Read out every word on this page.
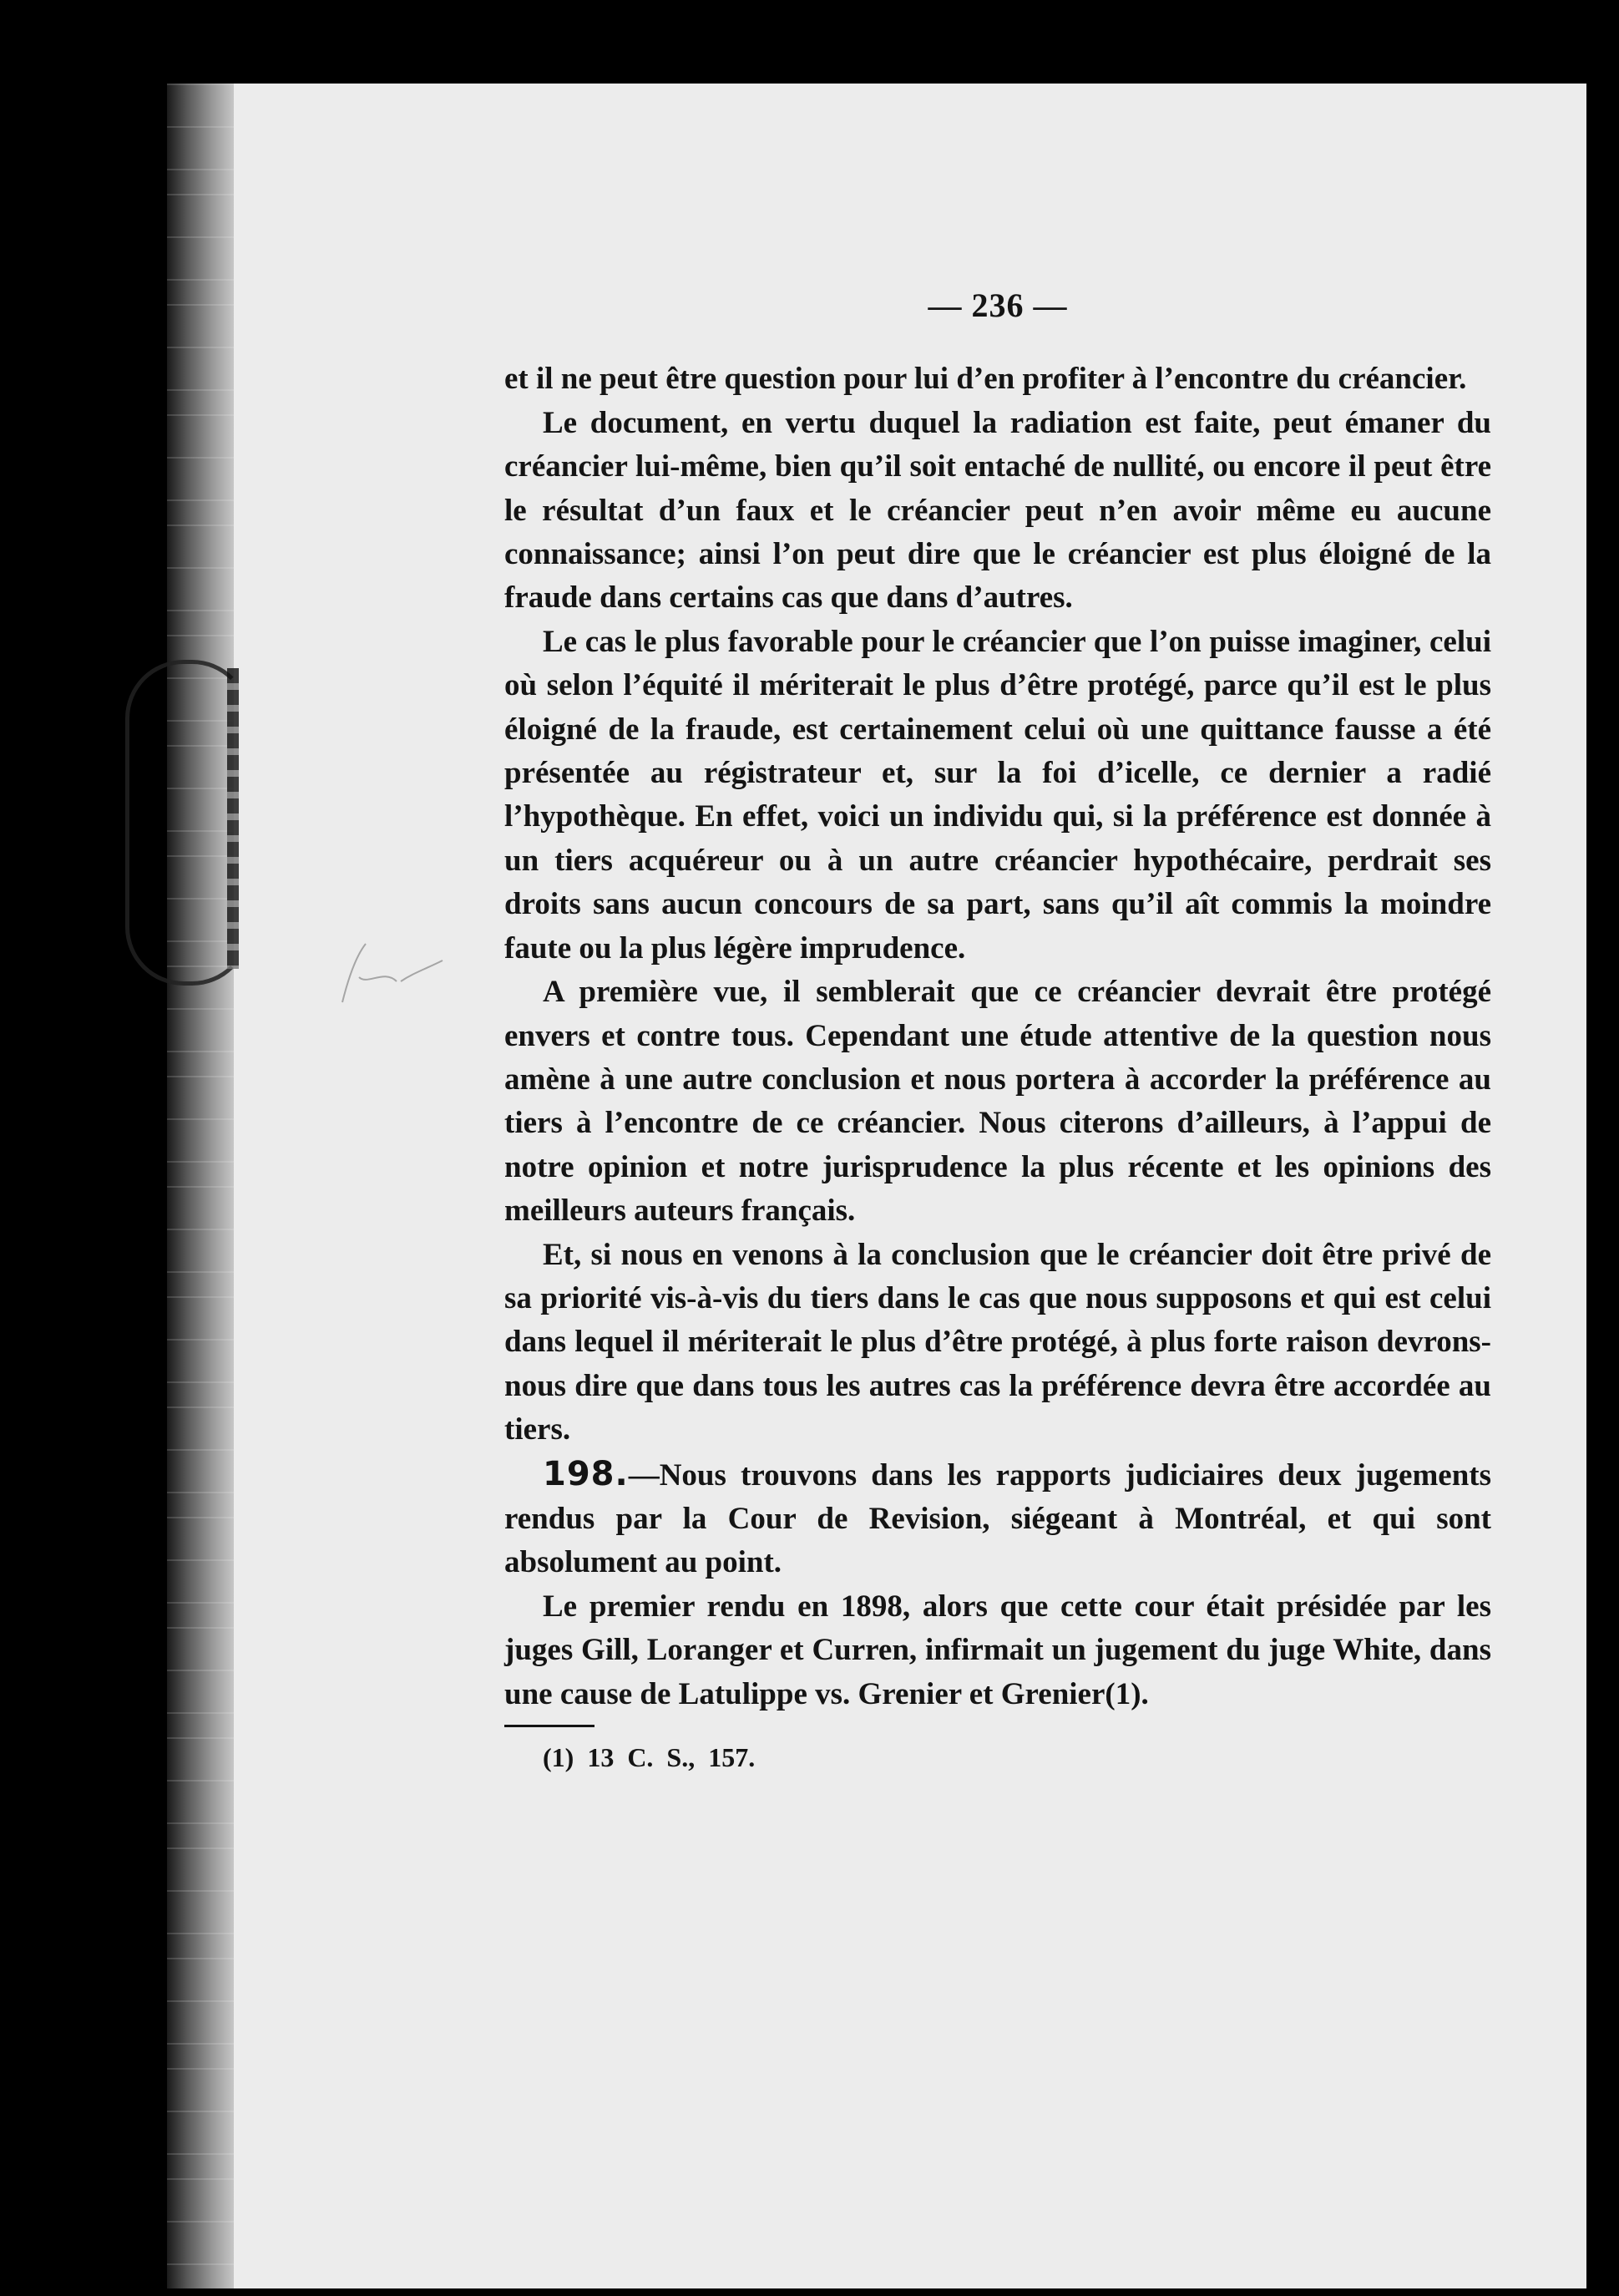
— 236 —

et il ne peut être question pour lui d’en profiter à l’encontre du créancier.

Le document, en vertu duquel la radiation est faite, peut émaner du créancier lui-même, bien qu’il soit entaché de nullité, ou encore il peut être le résultat d’un faux et le créancier peut n’en avoir même eu aucune connaissance; ainsi l’on peut dire que le créancier est plus éloigné de la fraude dans certains cas que dans d’autres.

Le cas le plus favorable pour le créancier que l’on puisse imaginer, celui où selon l’équité il mériterait le plus d’être protégé, parce qu’il est le plus éloigné de la fraude, est certainement celui où une quittance fausse a été présentée au régistrateur et, sur la foi d’icelle, ce dernier a radié l’hypothèque. En effet, voici un individu qui, si la préférence est donnée à un tiers acquéreur ou à un autre créancier hypothécaire, perdrait ses droits sans aucun concours de sa part, sans qu’il aît commis la moindre faute ou la plus légère imprudence.

A première vue, il semblerait que ce créancier devrait être protégé envers et contre tous. Cependant une étude attentive de la question nous amène à une autre conclusion et nous portera à accorder la préférence au tiers à l’encontre de ce créancier. Nous citerons d’ailleurs, à l’appui de notre opinion et notre jurisprudence la plus récente et les opinions des meilleurs auteurs français.

Et, si nous en venons à la conclusion que le créancier doit être privé de sa priorité vis-à-vis du tiers dans le cas que nous supposons et qui est celui dans lequel il mériterait le plus d’être protégé, à plus forte raison devrons-nous dire que dans tous les autres cas la préférence devra être accordée au tiers.

198.—Nous trouvons dans les rapports judiciaires deux jugements rendus par la Cour de Revision, siégeant à Montréal, et qui sont absolument au point.

Le premier rendu en 1898, alors que cette cour était présidée par les juges Gill, Loranger et Curren, infirmait un jugement du juge White, dans une cause de Latulippe vs. Grenier et Grenier(1).

(1) 13 C. S., 157.
